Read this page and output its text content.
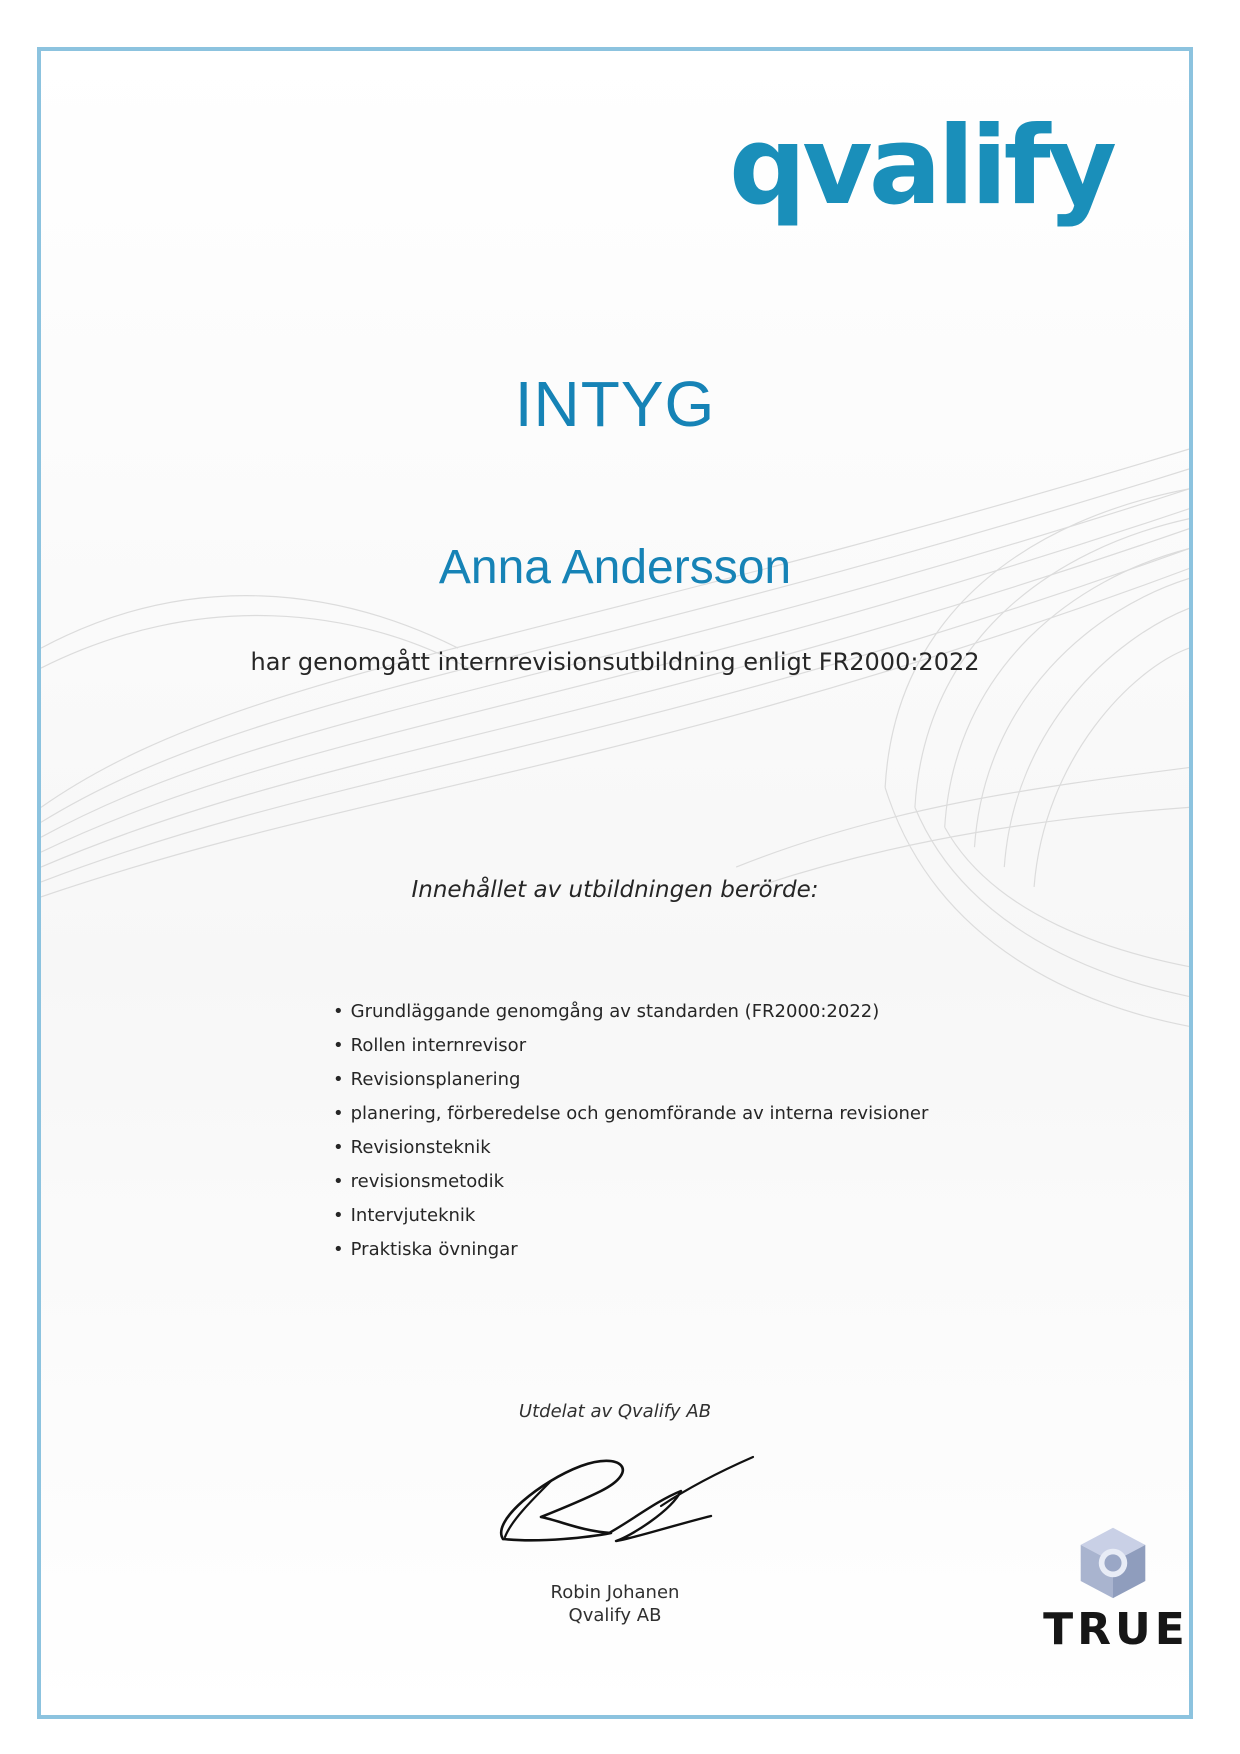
qvalify
INTYG
Anna Andersson
har genomgått internrevisionsutbildning enligt FR2000:2022
Innehållet av utbildningen berörde:
• Grundläggande genomgång av standarden (FR2000:2022)
• Rollen internrevisor
• Revisionsplanering
• planering, förberedelse och genomförande av interna revisioner
• Revisionsteknik
• revisionsmetodik
• Intervjuteknik
• Praktiska övningar
Utdelat av Qvalify AB
Robin Johanen
Qvalify AB	TRUE
